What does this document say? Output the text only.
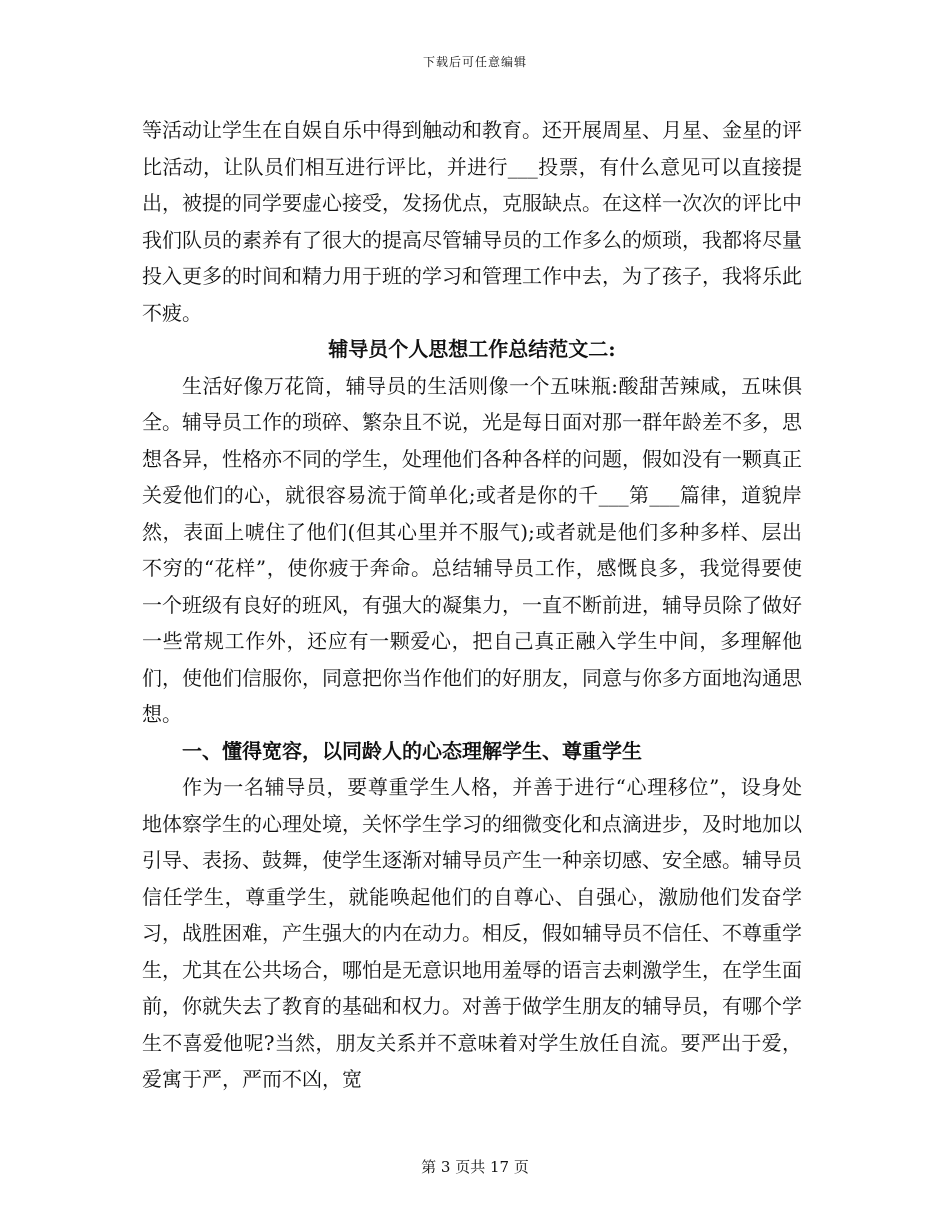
下载后可任意编辑

等活动让学生在自娱自乐中得到触动和教育。还开展周星、月星、金星的评比活动，让队员们相互进行评比，并进行___投票，有什么意见可以直接提出，被提的同学要虚心接受，发扬优点，克服缺点。在这样一次次的评比中我们队员的素养有了很大的提高尽管辅导员的工作多么的烦琐，我都将尽量投入更多的时间和精力用于班的学习和管理工作中去，为了孩子，我将乐此不疲。

辅导员个人思想工作总结范文二:

生活好像万花筒，辅导员的生活则像一个五味瓶:酸甜苦辣咸，五味俱全。辅导员工作的琐碎、繁杂且不说，光是每日面对那一群年龄差不多，思想各异，性格亦不同的学生，处理他们各种各样的问题，假如没有一颗真正关爱他们的心，就很容易流于简单化;或者是你的千___第___篇律，道貌岸然，表面上唬住了他们(但其心里并不服气);或者就是他们多种多样、层出不穷的“花样”，使你疲于奔命。总结辅导员工作，感慨良多，我觉得要使一个班级有良好的班风，有强大的凝集力，一直不断前进，辅导员除了做好一些常规工作外，还应有一颗爱心，把自己真正融入学生中间，多理解他们，使他们信服你，同意把你当作他们的好朋友，同意与你多方面地沟通思想。

一、懂得宽容，以同龄人的心态理解学生、尊重学生

作为一名辅导员，要尊重学生人格，并善于进行“心理移位”，设身处地体察学生的心理处境，关怀学生学习的细微变化和点滴进步，及时地加以引导、表扬、鼓舞，使学生逐渐对辅导员产生一种亲切感、安全感。辅导员信任学生，尊重学生，就能唤起他们的自尊心、自强心，激励他们发奋学习，战胜困难，产生强大的内在动力。相反，假如辅导员不信任、不尊重学生，尤其在公共场合，哪怕是无意识地用羞辱的语言去刺激学生，在学生面前，你就失去了教育的基础和权力。对善于做学生朋友的辅导员，有哪个学生不喜爱他呢?当然，朋友关系并不意味着对学生放任自流。要严出于爱，爱寓于严，严而不凶，宽

第 3 页共 17 页
